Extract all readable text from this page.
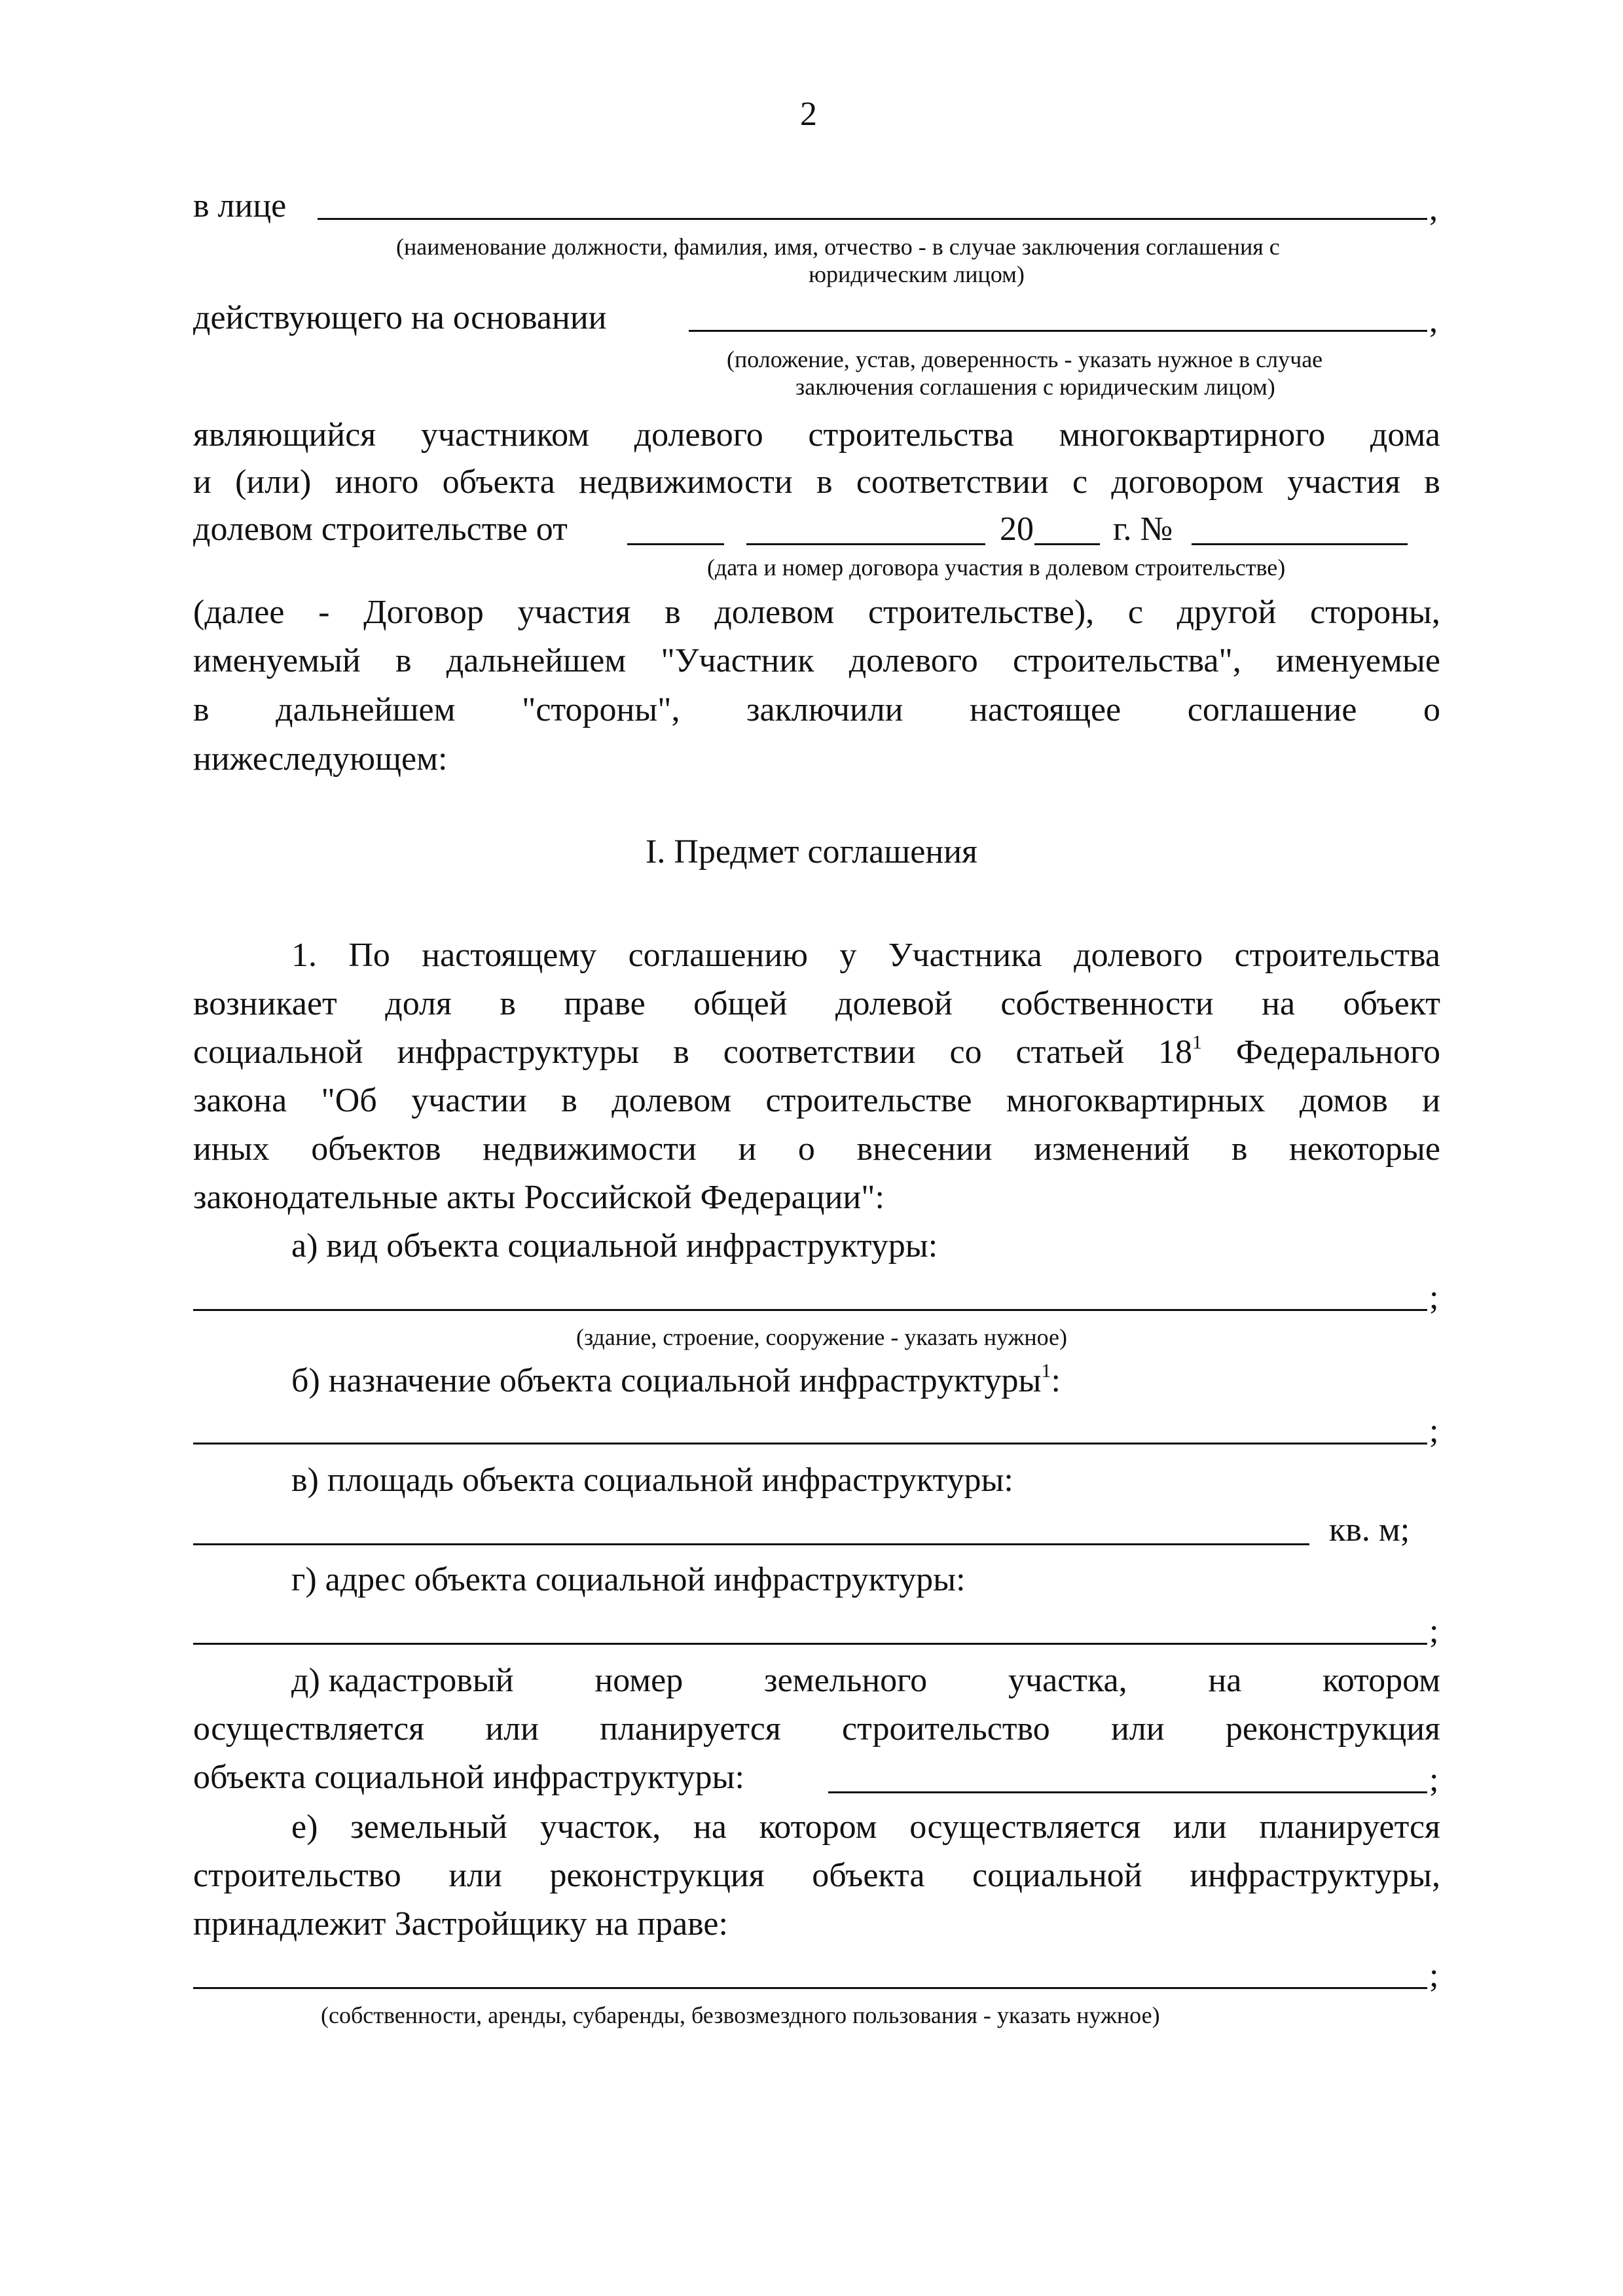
2
в лице	,
(наименование должности, фамилия, имя, отчество - в случае заключения соглашения с
юридическим лицом)
действующего на основании	,
(положение, устав, доверенность - указать нужное в случае
заключения соглашения с юридическим лицом)
являющийся участником долевого строительства многоквартирного дома
и (или) иного объекта недвижимости в соответствии с договором участия в
долевом строительстве от	20 г. №
(дата и номер договора участия в долевом строительстве)
(далее - Договор участия в долевом строительстве), с другой стороны,
именуемый в дальнейшем "Участник долевого строительства", именуемые
в дальнейшем "стороны", заключили настоящее соглашение о
нижеследующем:
I. Предмет соглашения
1. По настоящему соглашению у Участника долевого строительства
возникает доля в праве общей долевой собственности на объект
социальной инфраструктуры в соответствии со статьей $18^1$ Федерального
закона "Об участии в долевом строительстве многоквартирных домов и
иных объектов недвижимости и о внесении изменений в некоторые
законодательные акты Российской Федерации":
а) вид объекта социальной инфраструктуры:
;
(здание, строение, сооружение - указать нужное)
б) назначение объекта социальной инфраструктуры$^1$:
;
в) площадь объекта социальной инфраструктуры:
кв. м;
г) адрес объекта социальной инфраструктуры:
;
д) кадастровый номер земельного участка, на котором
осуществляется или планируется строительство или реконструкция
объекта социальной инфраструктуры:	;
е) земельный участок, на котором осуществляется или планируется
строительство или реконструкция объекта социальной инфраструктуры,
принадлежит Застройщику на праве:
;
(собственности, аренды, субаренды, безвозмездного пользования - указать нужное)
